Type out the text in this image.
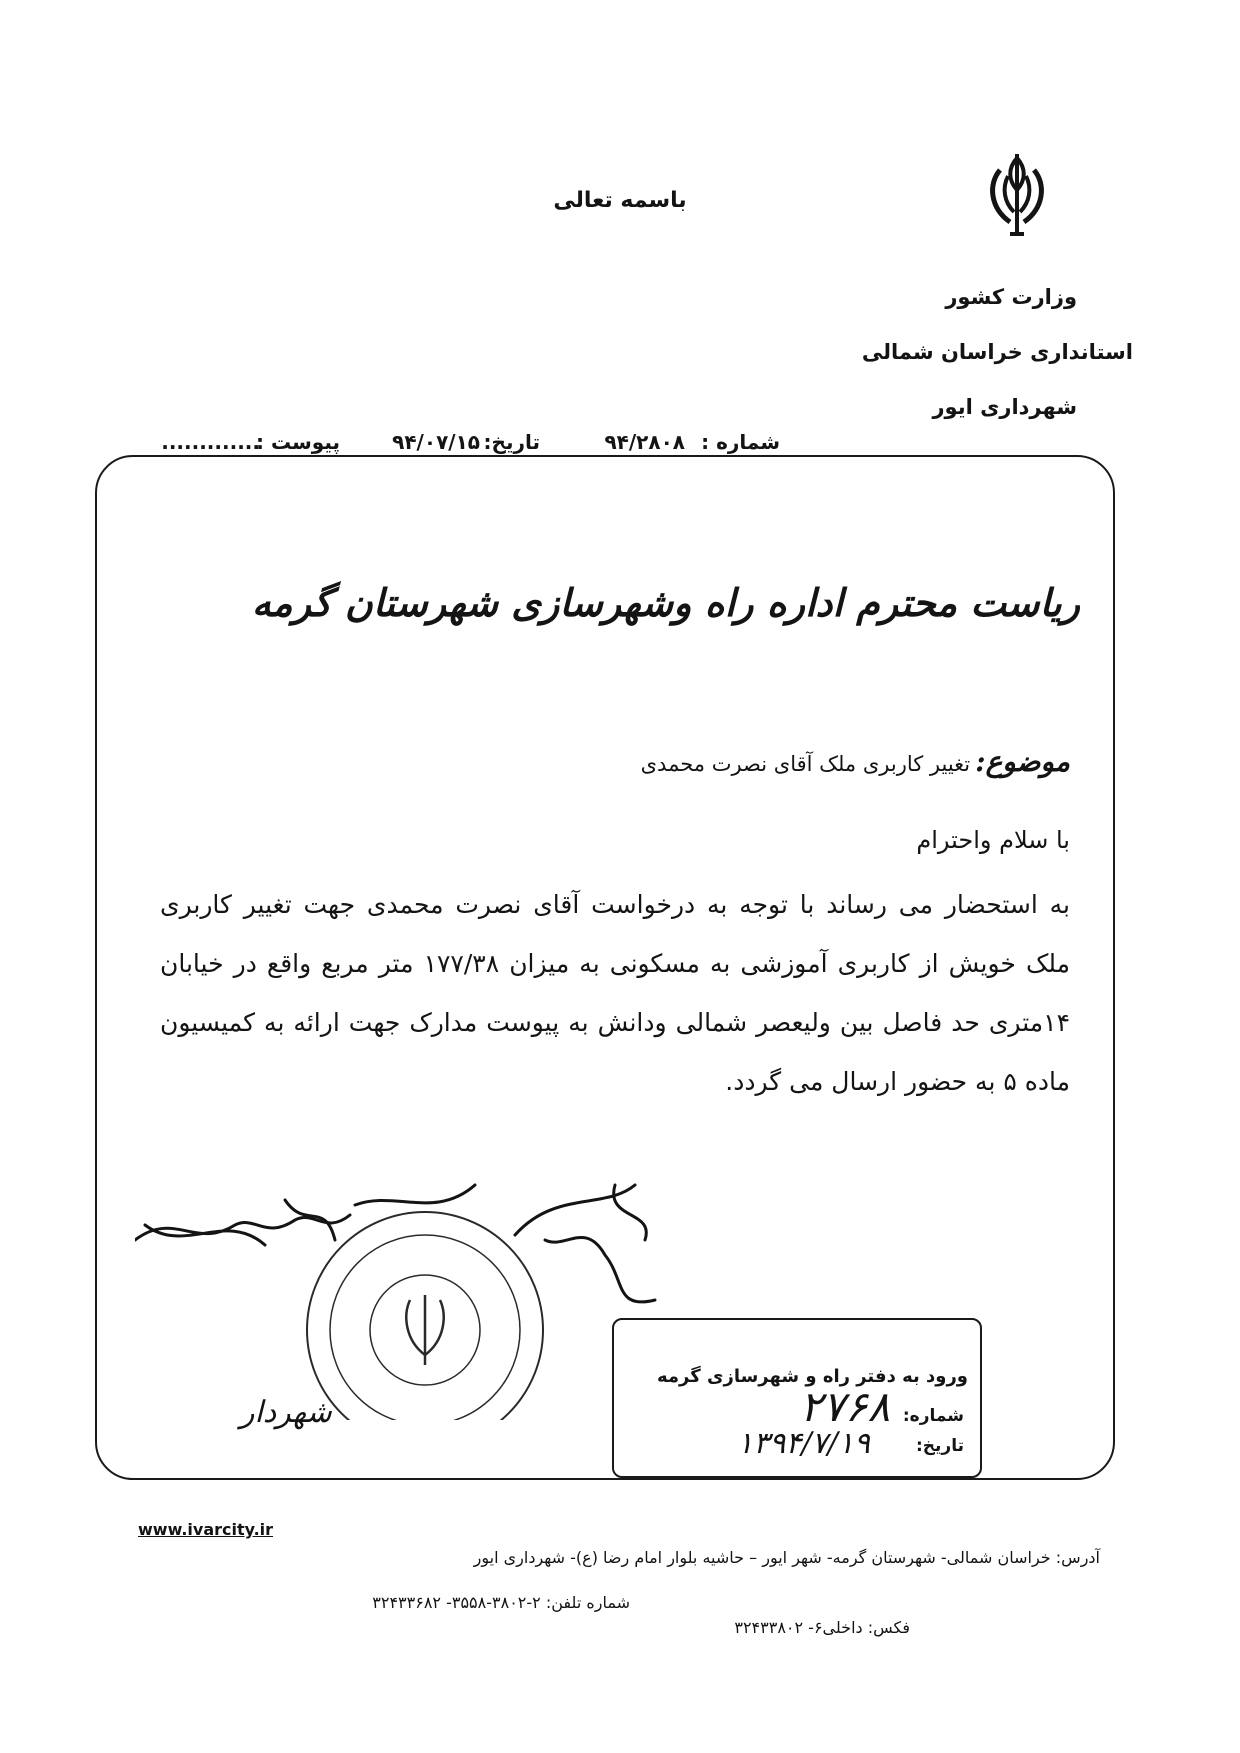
باسمه تعالی
وزارت کشور
استانداری خراسان شمالی
شهرداری ایور
شماره :
۹۴/۲۸۰۸
تاریخ:
۹۴/۰۷/۱۵
پیوست :
.............
ریاست محترم اداره راه وشهرسازی شهرستان گرمه
موضوع: تغییر کاربری ملک آقای نصرت محمدی
با سلام واحترام

به استحضار می رساند با توجه به درخواست آقای نصرت محمدی جهت تغییر کاربری ملک خویش از کاربری آموزشی به مسکونی به میزان ۱۷۷/۳۸ متر مربع واقع در خیابان ۱۴متری حد فاصل بین ولیعصر شمالی ودانش به پیوست مدارک جهت ارائه به کمیسیون ماده ۵ به حضور ارسال می گردد.

شهردار
ورود به دفتر راه و شهرسازی گرمه
شماره:
۲۷۶۸
تاریخ:
۱۳۹۴/۷/۱۹
www.ivarcity.ir
آدرس: خراسان شمالی- شهرستان گرمه- شهر ایور – حاشیه بلوار امام رضا (ع)- شهرداری ایور
شماره تلفن: ۲-۳۸۰۲-۳۵۵۸- ۳۲۴۳۳۶۸۲
فکس: داخلی۶- ۳۲۴۳۳۸۰۲
